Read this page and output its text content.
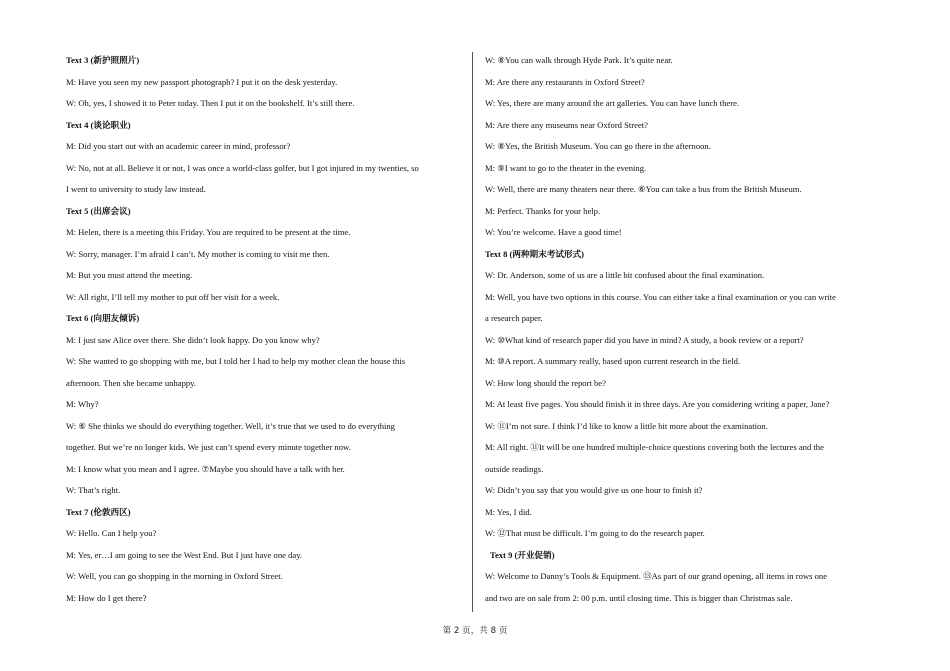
Text 3 (新护照照片)
M: Have you seen my new passport photograph? I put it on the desk yesterday.
W: Oh, yes, I showed it to Peter today. Then I put it on the bookshelf. It’s still there.
Text 4 (谈论职业)
M: Did you start out with an academic career in mind, professor?
W: No, not at all. Believe it or not, I was once a world-class golfer, but I got injured in my twenties, so
I went to university to study law instead.
Text 5 (出席会议)
M: Helen, there is a meeting this Friday. You are required to be present at the time.
W: Sorry, manager. I’m afraid I can’t. My mother is coming to visit me then.
M: But you must attend the meeting.
W: All right, I’ll tell my mother to put off her visit for a week.
Text 6 (向朋友倾诉)
M: I just saw Alice over there. She didn’t look happy. Do you know why?
W: She wanted to go shopping with me, but I told her I had to help my mother clean the house this
afternoon. Then she became unhappy.
M: Why?
W: ⑥ She thinks we should do everything together. Well, it’s true that we used to do everything
together. But we’re no longer kids. We just can’t spend every minute together now.
M: I know what you mean and I agree. ⑦Maybe you should have a talk with her.
W: That’s right.
Text 7 (伦敦西区)
W: Hello. Can I help you?
M: Yes, er…I am going to see the West End. But I just have one day.
W: Well, you can go shopping in the morning in Oxford Street.
M: How do I get there?
W: ⑧You can walk through Hyde Park. It’s quite near.
M: Are there any restaurants in Oxford Street?
W: Yes, there are many around the art galleries. You can have lunch there.
M: Are there any museums near Oxford Street?
W: ⑧Yes, the British Museum. You can go there in the afternoon.
M: ⑨I want to go to the theater in the evening.
W: Well, there are many theaters near there. ⑥You can take a bus from the British Museum.
M: Perfect. Thanks for your help.
W: You’re welcome. Have a good time!
Text 8 (两种期末考试形式)
W: Dr. Anderson, some of us are a little bit confused about the final examination.
M: Well, you have two options in this course. You can either take a final examination or you can write
a research paper.
W: ⑩What kind of research paper did you have in mind? A study, a book review or a report?
M: ⑩A report. A summary really, based upon current research in the field.
W: How long should the report be?
M: At least five pages. You should finish it in three days. Are you considering writing a paper, Jane?
W: ⑪I’m not sure. I think I’d like to know a little bit more about the examination.
M: All right. ⑪It will be one hundred multiple-choice questions covering both the lectures and the
outside readings.
W: Didn’t you say that you would give us one hour to finish it?
M: Yes, I did.
W: ⑫That must be difficult. I’m going to do the research paper.
Text 9 (开业促销)
W: Welcome to Danny’s Tools & Equipment. ⑬As part of our grand opening, all items in rows one
and two are on sale from 2: 00 p.m. until closing time. This is bigger than Christmas sale.
第 2 页，共 8 页
